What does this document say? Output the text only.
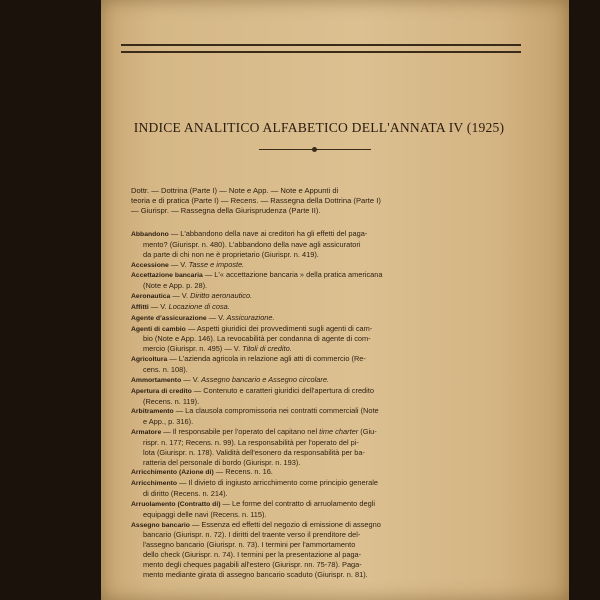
INDICE ANALITICO ALFABETICO DELL'ANNATA IV (1925)
Dottr. — Dottrina (Parte I) — Note e App. — Note e Appunti di
teoria e di pratica (Parte I) — Recens. — Rassegna della Dottrina (Parte I)
— Giurispr. — Rassegna della Giurisprudenza (Parte II).
Abbandono — L'abbandono della nave ai creditori ha gli effetti del paga-
mento? (Giurispr. n. 480). L'abbandono della nave agli assicuratori
da parte di chi non ne è proprietario (Giurispr. n. 419).
Accessione — V. Tasse e imposte.
Accettazione bancaria — L'« accettazione bancaria » della pratica americana
(Note e App. p. 28).
Aeronautica — V. Diritto aeronautico.
Affitti — V. Locazione di cosa.
Agente d'assicurazione — V. Assicurazione.
Agenti di cambio — Aspetti giuridici dei provvedimenti sugli agenti di cam-
bio (Note e App. 146). La revocabilità per condanna di agente di com-
mercio (Giurispr. n. 495) — V. Titoli di credito.
Agricoltura — L'azienda agricola in relazione agli atti di commercio (Re-
cens. n. 108).
Ammortamento — V. Assegno bancario e Assegno circolare.
Apertura di credito — Contenuto e caratteri giuridici dell'apertura di credito
(Recens. n. 119).
Arbitramento — La clausola compromissoria nei contratti commerciali (Note
e App., p. 316).
Armatore — Il responsabile per l'operato del capitano nel time charter (Giu-
rispr. n. 177; Recens. n. 99). La responsabilità per l'operato del pi-
lota (Giurispr. n. 178). Validità dell'esonero da responsabilità per ba-
ratteria del personale di bordo (Giurispr. n. 193).
Arricchimento (Azione di) — Recens. n. 16.
Arricchimento — Il divieto di ingiusto arricchimento come principio generale
di diritto (Recens. n. 214).
Arruolamento (Contratto di) — Le forme del contratto di arruolamento degli
equipaggi delle navi (Recens. n. 115).
Assegno bancario — Essenza ed effetti del negozio di emissione di assegno
bancario (Giurispr. n. 72). I diritti del traente verso il prenditore del-
l'assegno bancario (Giurispr. n. 73). I termini per l'ammortamento
dello check (Giurispr. n. 74). I termini per la presentazione al paga-
mento degli cheques pagabili all'estero (Giurispr. nn. 75-78). Paga-
mento mediante girata di assegno bancario scaduto (Giurispr. n. 81).
